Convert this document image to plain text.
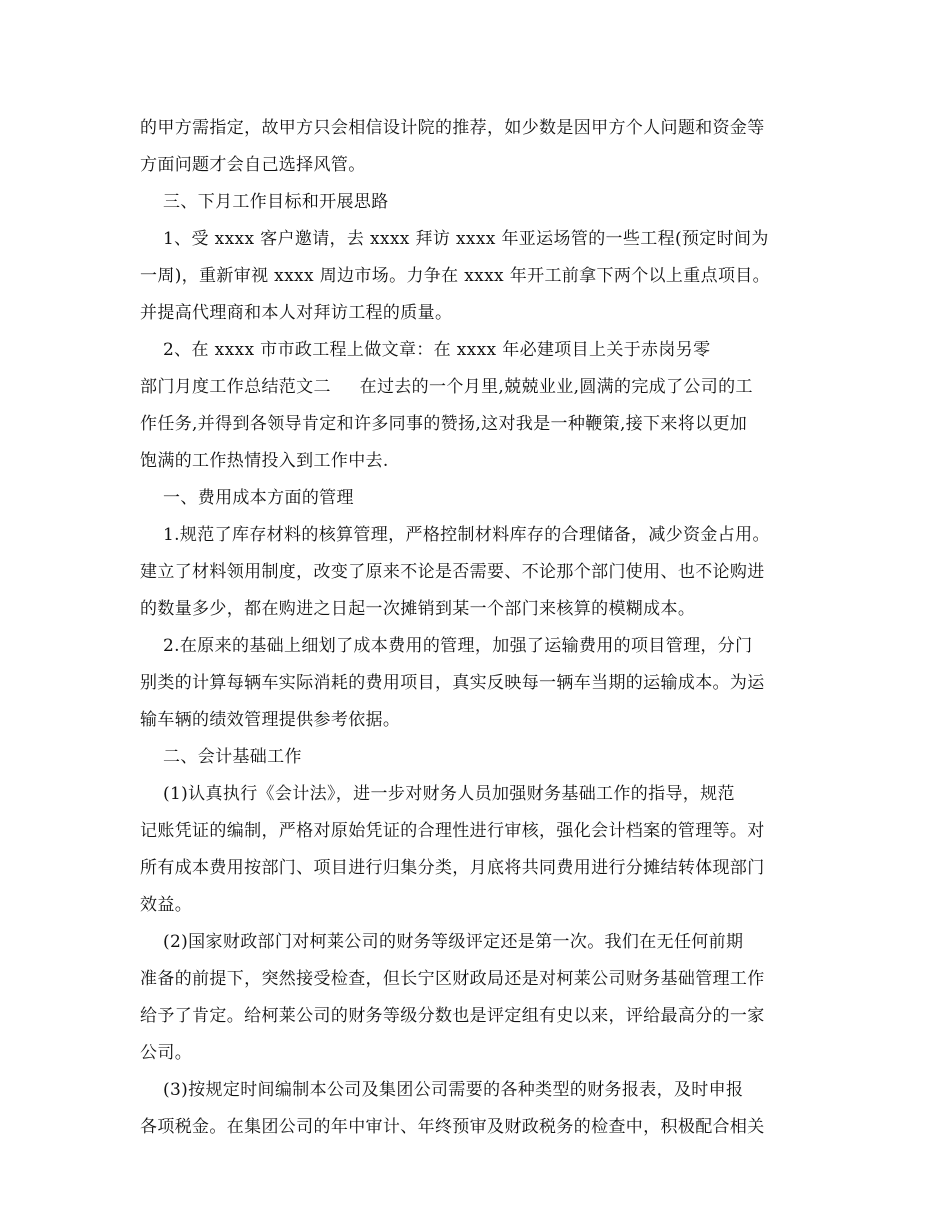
的甲方需指定，故甲方只会相信设计院的推荐，如少数是因甲方个人问题和资金等
方面问题才会自己选择风管。
三、下月工作目标和开展思路
1、受 xxxx 客户邀请，去 xxxx 拜访 xxxx 年亚运场管的一些工程(预定时间为
一周)，重新审视 xxxx 周边市场。力争在 xxxx 年开工前拿下两个以上重点项目。
并提高代理商和本人对拜访工程的质量。
2、在 xxxx 市市政工程上做文章：在 xxxx 年必建项目上关于赤岗另零
部门月度工作总结范文二     在过去的一个月里,兢兢业业,圆满的完成了公司的工
作任务,并得到各领导肯定和许多同事的赞扬,这对我是一种鞭策,接下来将以更加
饱满的工作热情投入到工作中去.
一、费用成本方面的管理
1.规范了库存材料的核算管理，严格控制材料库存的合理储备，减少资金占用。
建立了材料领用制度，改变了原来不论是否需要、不论那个部门使用、也不论购进
的数量多少，都在购进之日起一次摊销到某一个部门来核算的模糊成本。
2.在原来的基础上细划了成本费用的管理，加强了运输费用的项目管理，分门
别类的计算每辆车实际消耗的费用项目，真实反映每一辆车当期的运输成本。为运
输车辆的绩效管理提供参考依据。
二、会计基础工作
(1)认真执行《会计法》，进一步对财务人员加强财务基础工作的指导，规范
记账凭证的编制，严格对原始凭证的合理性进行审核，强化会计档案的管理等。对
所有成本费用按部门、项目进行归集分类，月底将共同费用进行分摊结转体现部门
效益。
(2)国家财政部门对柯莱公司的财务等级评定还是第一次。我们在无任何前期
准备的前提下，突然接受检查，但长宁区财政局还是对柯莱公司财务基础管理工作
给予了肯定。给柯莱公司的财务等级分数也是评定组有史以来，评给最高分的一家
公司。
(3)按规定时间编制本公司及集团公司需要的各种类型的财务报表，及时申报
各项税金。在集团公司的年中审计、年终预审及财政税务的检查中，积极配合相关
